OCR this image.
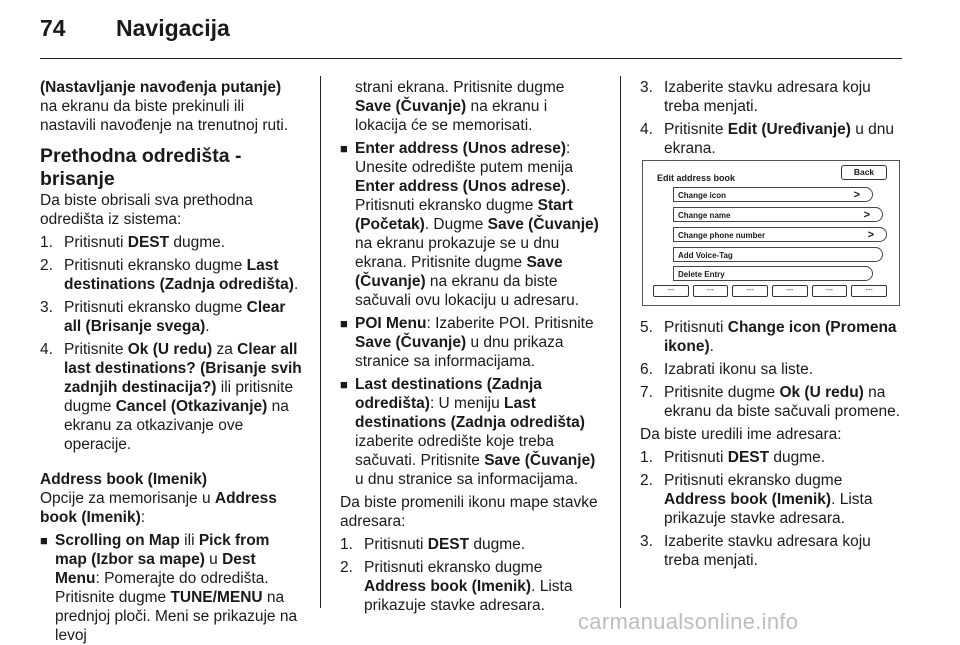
74 Navigacija

(Nastavljanje navođenja putanje) na ekranu da biste prekinuli ili nastavili navođenje na trenutnoj ruti.

Prethodna odredišta - brisanje

Da biste obrisali sva prethodna odredišta iz sistema:

1. Pritisnuti DEST dugme.

2. Pritisnuti ekransko dugme Last destinations (Zadnja odredišta).

3. Pritisnuti ekransko dugme Clear all (Brisanje svega).

4. Pritisnite Ok (U redu) za Clear all last destinations? (Brisanje svih zadnjih destinacija?) ili pritisnite dugme Cancel (Otkazivanje) na ekranu za otkazivanje ove operacije.

Address book (Imenik)

Opcije za memorisanje u Address book (Imenik):

■ Scrolling on Map ili Pick from map (Izbor sa mape) u Dest Menu: Pomerajte do odredišta. Pritisnite dugme TUNE/MENU na prednjoj ploči. Meni se prikazuje na levoj

strani ekrana. Pritisnite dugme Save (Čuvanje) na ekranu i lokacija će se memorisati.

■ Enter address (Unos adrese): Unesite odredište putem menija Enter address (Unos adrese). Pritisnuti ekransko dugme Start (Početak). Dugme Save (Čuvanje) na ekranu prokazuje se u dnu ekrana. Pritisnite dugme Save (Čuvanje) na ekranu da biste sačuvali ovu lokaciju u adresaru.

■ POI Menu: Izaberite POI. Pritisnite Save (Čuvanje) u dnu prikaza stranice sa informacijama.

■ Last destinations (Zadnja odredišta): U meniju Last destinations (Zadnja odredišta) izaberite odredište koje treba sačuvati. Pritisnite Save (Čuvanje) u dnu stranice sa informacijama.

Da biste promenili ikonu mape stavke adresara:

1. Pritisnuti DEST dugme.

2. Pritisnuti ekransko dugme Address book (Imenik). Lista prikazuje stavke adresara.

3. Izaberite stavku adresara koju treba menjati.

4. Pritisnite Edit (Uređivanje) u dnu ekrana.

Edit address book
Back
Change icon	>
Change name	>
Change phone number	>
Add Voice-Tag
Delete Entry
---	---	---	---	---	---

5. Pritisnuti Change icon (Promena ikone).

6. Izabrati ikonu sa liste.

7. Pritisnite dugme Ok (U redu) na ekranu da biste sačuvali promene.

Da biste uredili ime adresara:

1. Pritisnuti DEST dugme.

2. Pritisnuti ekransko dugme Address book (Imenik). Lista prikazuje stavke adresara.

3. Izaberite stavku adresara koju treba menjati.

carmanualsonline.info
